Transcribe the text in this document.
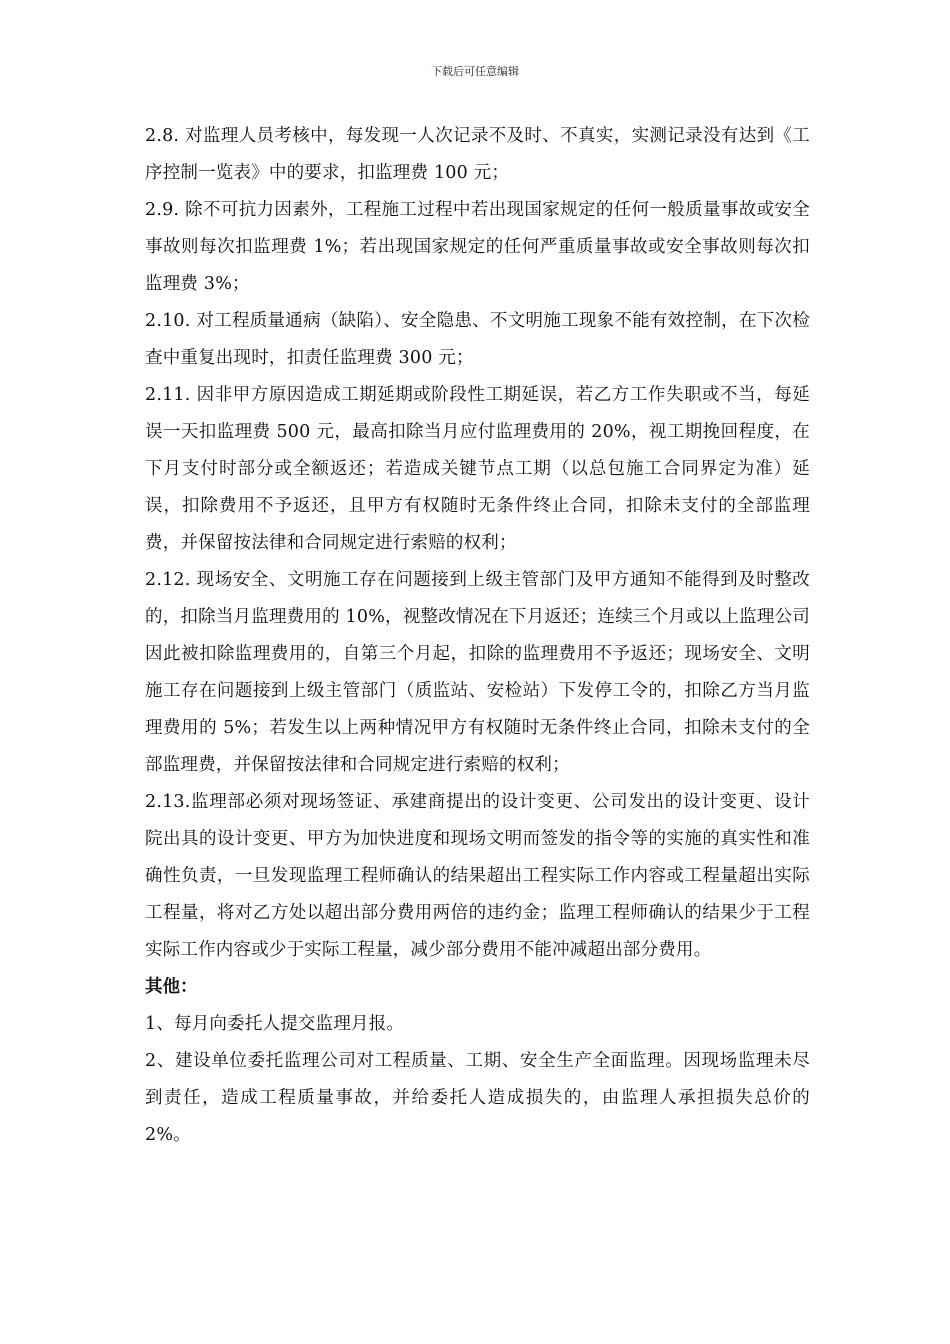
下载后可任意编辑

2.8. 对监理人员考核中，每发现一人次记录不及时、不真实，实测记录没有达到《工序控制一览表》中的要求，扣监理费 100 元；

2.9. 除不可抗力因素外，工程施工过程中若出现国家规定的任何一般质量事故或安全事故则每次扣监理费 1%；若出现国家规定的任何严重质量事故或安全事故则每次扣监理费 3%；

2.10. 对工程质量通病（缺陷）、安全隐患、不文明施工现象不能有效控制，在下次检查中重复出现时，扣责任监理费 300 元；

2.11. 因非甲方原因造成工期延期或阶段性工期延误，若乙方工作失职或不当，每延误一天扣监理费 500 元，最高扣除当月应付监理费用的 20%，视工期挽回程度，在下月支付时部分或全额返还；若造成关键节点工期（以总包施工合同界定为准）延误，扣除费用不予返还，且甲方有权随时无条件终止合同，扣除未支付的全部监理费，并保留按法律和合同规定进行索赔的权利；

2.12. 现场安全、文明施工存在问题接到上级主管部门及甲方通知不能得到及时整改的，扣除当月监理费用的 10%，视整改情况在下月返还；连续三个月或以上监理公司因此被扣除监理费用的，自第三个月起，扣除的监理费用不予返还；现场安全、文明施工存在问题接到上级主管部门（质监站、安检站）下发停工令的，扣除乙方当月监理费用的 5%；若发生以上两种情况甲方有权随时无条件终止合同，扣除未支付的全部监理费，并保留按法律和合同规定进行索赔的权利；

2.13.监理部必须对现场签证、承建商提出的设计变更、公司发出的设计变更、设计院出具的设计变更、甲方为加快进度和现场文明而签发的指令等的实施的真实性和准确性负责，一旦发现监理工程师确认的结果超出工程实际工作内容或工程量超出实际工程量，将对乙方处以超出部分费用两倍的违约金；监理工程师确认的结果少于工程实际工作内容或少于实际工程量，减少部分费用不能冲减超出部分费用。

其他：

1、每月向委托人提交监理月报。

2、建设单位委托监理公司对工程质量、工期、安全生产全面监理。因现场监理未尽到责任，造成工程质量事故，并给委托人造成损失的，由监理人承担损失总价的 2%。
